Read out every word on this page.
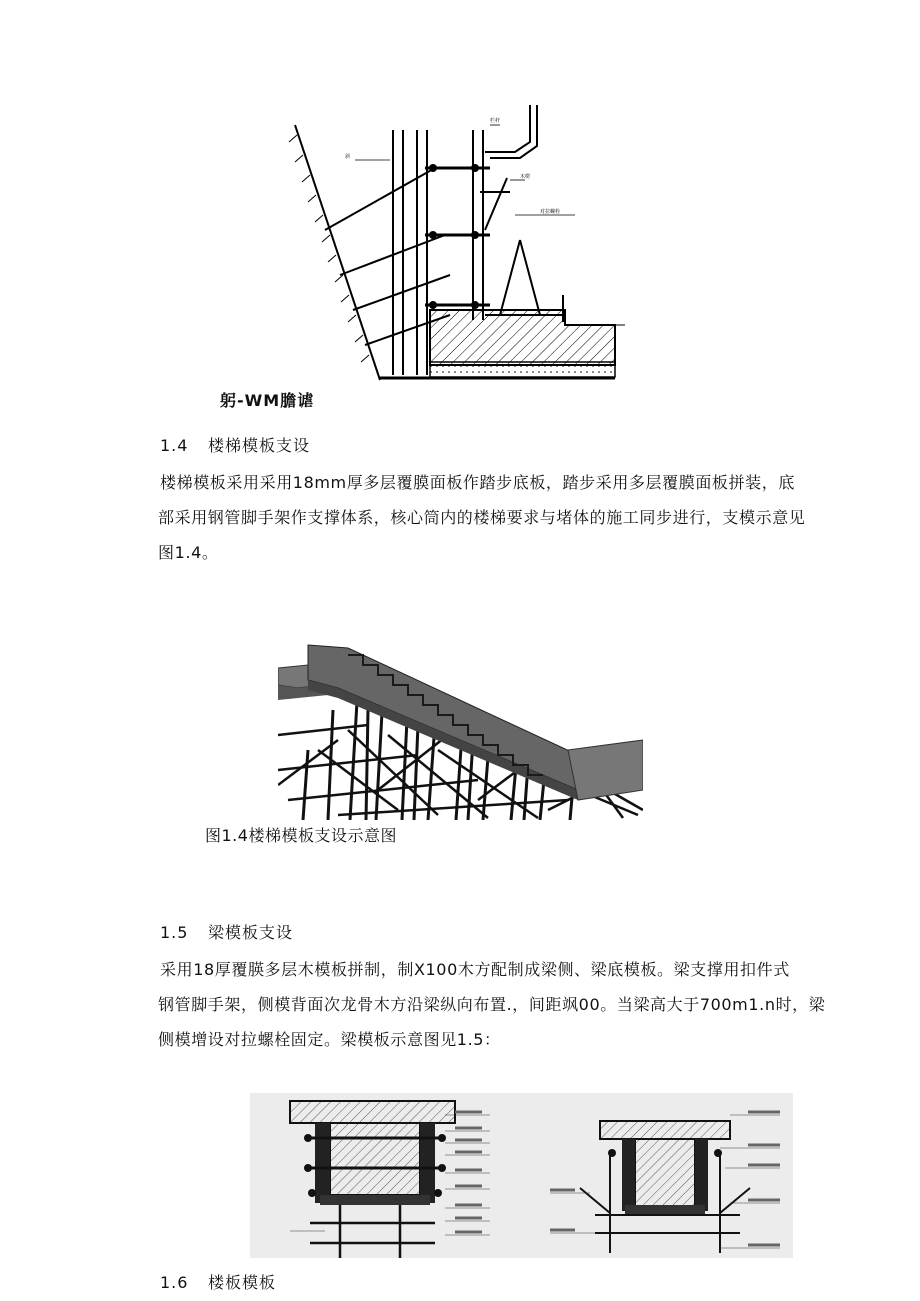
斜
栏杆
木楞
对拉螺栓
躬-WM膽谑
1.4 楼梯模板支设
楼梯模板采用采用18mm厚多层覆膜面板作踏步底板，踏步采用多层覆膜面板拼装，底
部采用钢管脚手架作支撑体系，核心筒内的楼梯要求与堵体的施工同步进行，支模示意见
图1.4。
图1.4楼梯模板支设示意图
1.5 梁模板支设
采用18厚覆朠多层木模板拼制，制X100木方配制成梁侧、梁底模板。梁支撑用扣件式
钢管脚手架，侧模背面次龙骨木方沿梁纵向布置.，间距飒00。当梁高大于700m1.n时，梁
侧模增设对拉螺栓固定。梁模板示意图见1.5：
1.6 楼板模板
